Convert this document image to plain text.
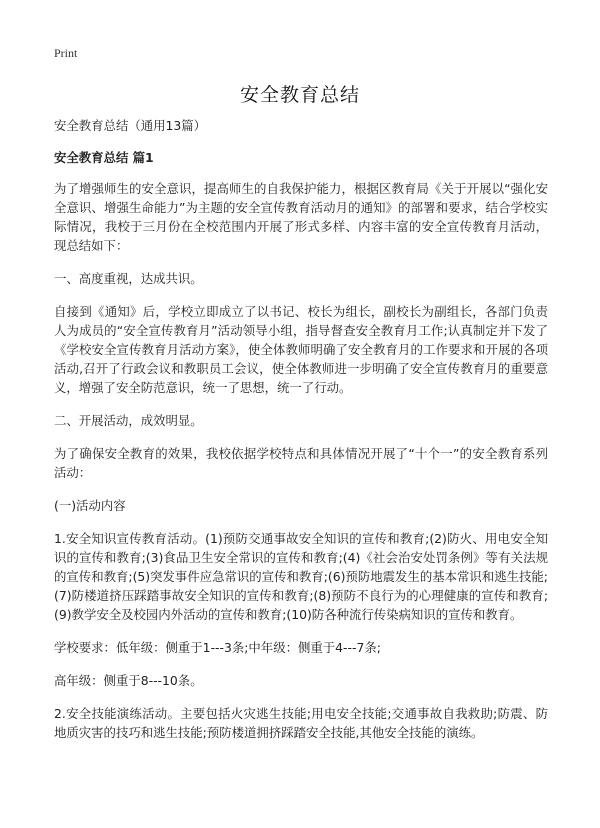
Print
安全教育总结

安全教育总结（通用13篇）

安全教育总结 篇1

为了增强师生的安全意识，提高师生的自我保护能力，根据区教育局《关于开展以“强化安全意识、增强生命能力”为主题的安全宣传教育活动月的通知》的部署和要求，结合学校实际情况，我校于三月份在全校范围内开展了形式多样、内容丰富的安全宣传教育月活动，现总结如下：

一、高度重视，达成共识。

自接到《通知》后，学校立即成立了以书记、校长为组长，副校长为副组长，各部门负责人为成员的“安全宣传教育月”活动领导小组，指导督查安全教育月工作;认真制定并下发了《学校安全宣传教育月活动方案》，使全体教师明确了安全教育月的工作要求和开展的各项活动,召开了行政会议和教职员工会议，使全体教师进一步明确了安全宣传教育月的重要意义，增强了安全防范意识，统一了思想，统一了行动。

二、开展活动，成效明显。

为了确保安全教育的效果，我校依据学校特点和具体情况开展了“十个一”的安全教育系列活动：

(一)活动内容

1.安全知识宣传教育活动。(1)预防交通事故安全知识的宣传和教育;(2)防火、用电安全知识的宣传和教育;(3)食品卫生安全常识的宣传和教育;(4)《社会治安处罚条例》等有关法规的宣传和教育;(5)突发事件应急常识的宣传和教育;(6)预防地震发生的基本常识和逃生技能;(7)防楼道挤压踩踏事故安全知识的宣传和教育;(8)预防不良行为的心理健康的宣传和教育;(9)教学安全及校园内外活动的宣传和教育;(10)防各种流行传染病知识的宣传和教育。

学校要求：低年级：侧重于1---3条;中年级：侧重于4---7条;

高年级：侧重于8---10条。

2.安全技能演练活动。主要包括火灾逃生技能;用电安全技能;交通事故自我救助;防震、防地质灾害的技巧和逃生技能;预防楼道拥挤踩踏安全技能,其他安全技能的演练。
